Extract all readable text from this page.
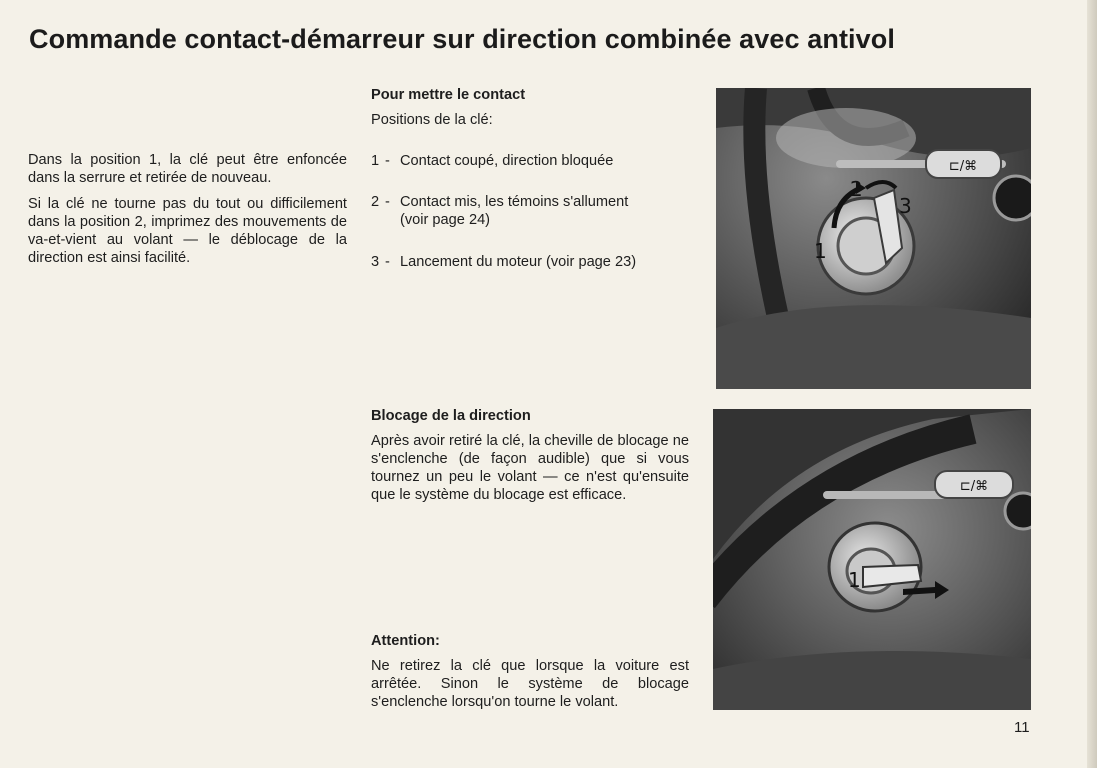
Commande contact-démarreur sur direction combinée avec antivol

Dans la position 1, la clé peut être enfoncée dans la serrure et retirée de nouveau.

Si la clé ne tourne pas du tout ou difficilement dans la position 2, imprimez des mouvements de va-et-vient au volant — le déblocage de la direction est ainsi facilité.

Pour mettre le contact
Positions de la clé:
1 - Contact coupé, direction bloquée
2 - Contact mis, les témoins s'allument (voir page 24)
3 - Lancement du moteur (voir page 23)
Blocage de la direction
Après avoir retiré la clé, la cheville de blocage ne s'enclenche (de façon audible) que si vous tournez un peu le volant — ce n'est qu'ensuite que le système du blocage est efficace.
Attention:
Ne retirez la clé que lorsque la voiture est arrêtée. Sinon le système de blocage s'enclenche lorsqu'on tourne le volant.
⊏/⌘
1
2
3
⊏/⌘
1
11
